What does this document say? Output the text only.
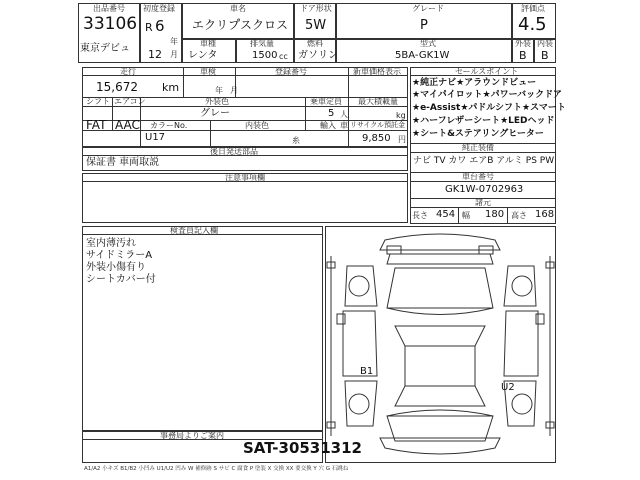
出品番号
33106
東京デビュ
初度登録
R 6
年
12 月
車名
エクリプ゚スクロス
ドア形状
5W
グレード
P
評価点
4.5
車種
レンタ
排気量
1500 cc
燃料
ガソリン
型式
5BA-GK1W
外装 内装
B B
走行
15,672 km
車検
年 月
登録番号	新車価格表示
シフト エアコン
FAT AAC
外装色
グレー
カラーNo.
U17
内装色
糸
乗車定員
5 人
最大積載量
kg
輸入 車 リサイクル預託金
9,850 円
後日発送部品
保証書 車両取説
注意事項欄
セールスポイント
★純正ナビ★アラウンドビュー
★マイパイロット★パワーバックドア
★e-Assist★パドルシフト★スマート
★ハーフレザーシート★LEDヘッド
★シート&ステアリングヒーター
純正装備
ナビ TV カワ エアB アルミ PS PW
車台番号
GK1W-0702963
諸元
長さ 454 幅 180 高さ 168
検査員記入欄
室内薄汚れ
サイドミラーA
外装小傷有り
シートカバー付
事務局よりご案内
B1
U2
SAT-30531312
A1/A2 小キズ B1/B2 小凹み U1/U2 凹み W 補修跡 S サビ C 腐食 P 塗装 X 交換 XX 要交換 Y 穴 G 石跳ね
